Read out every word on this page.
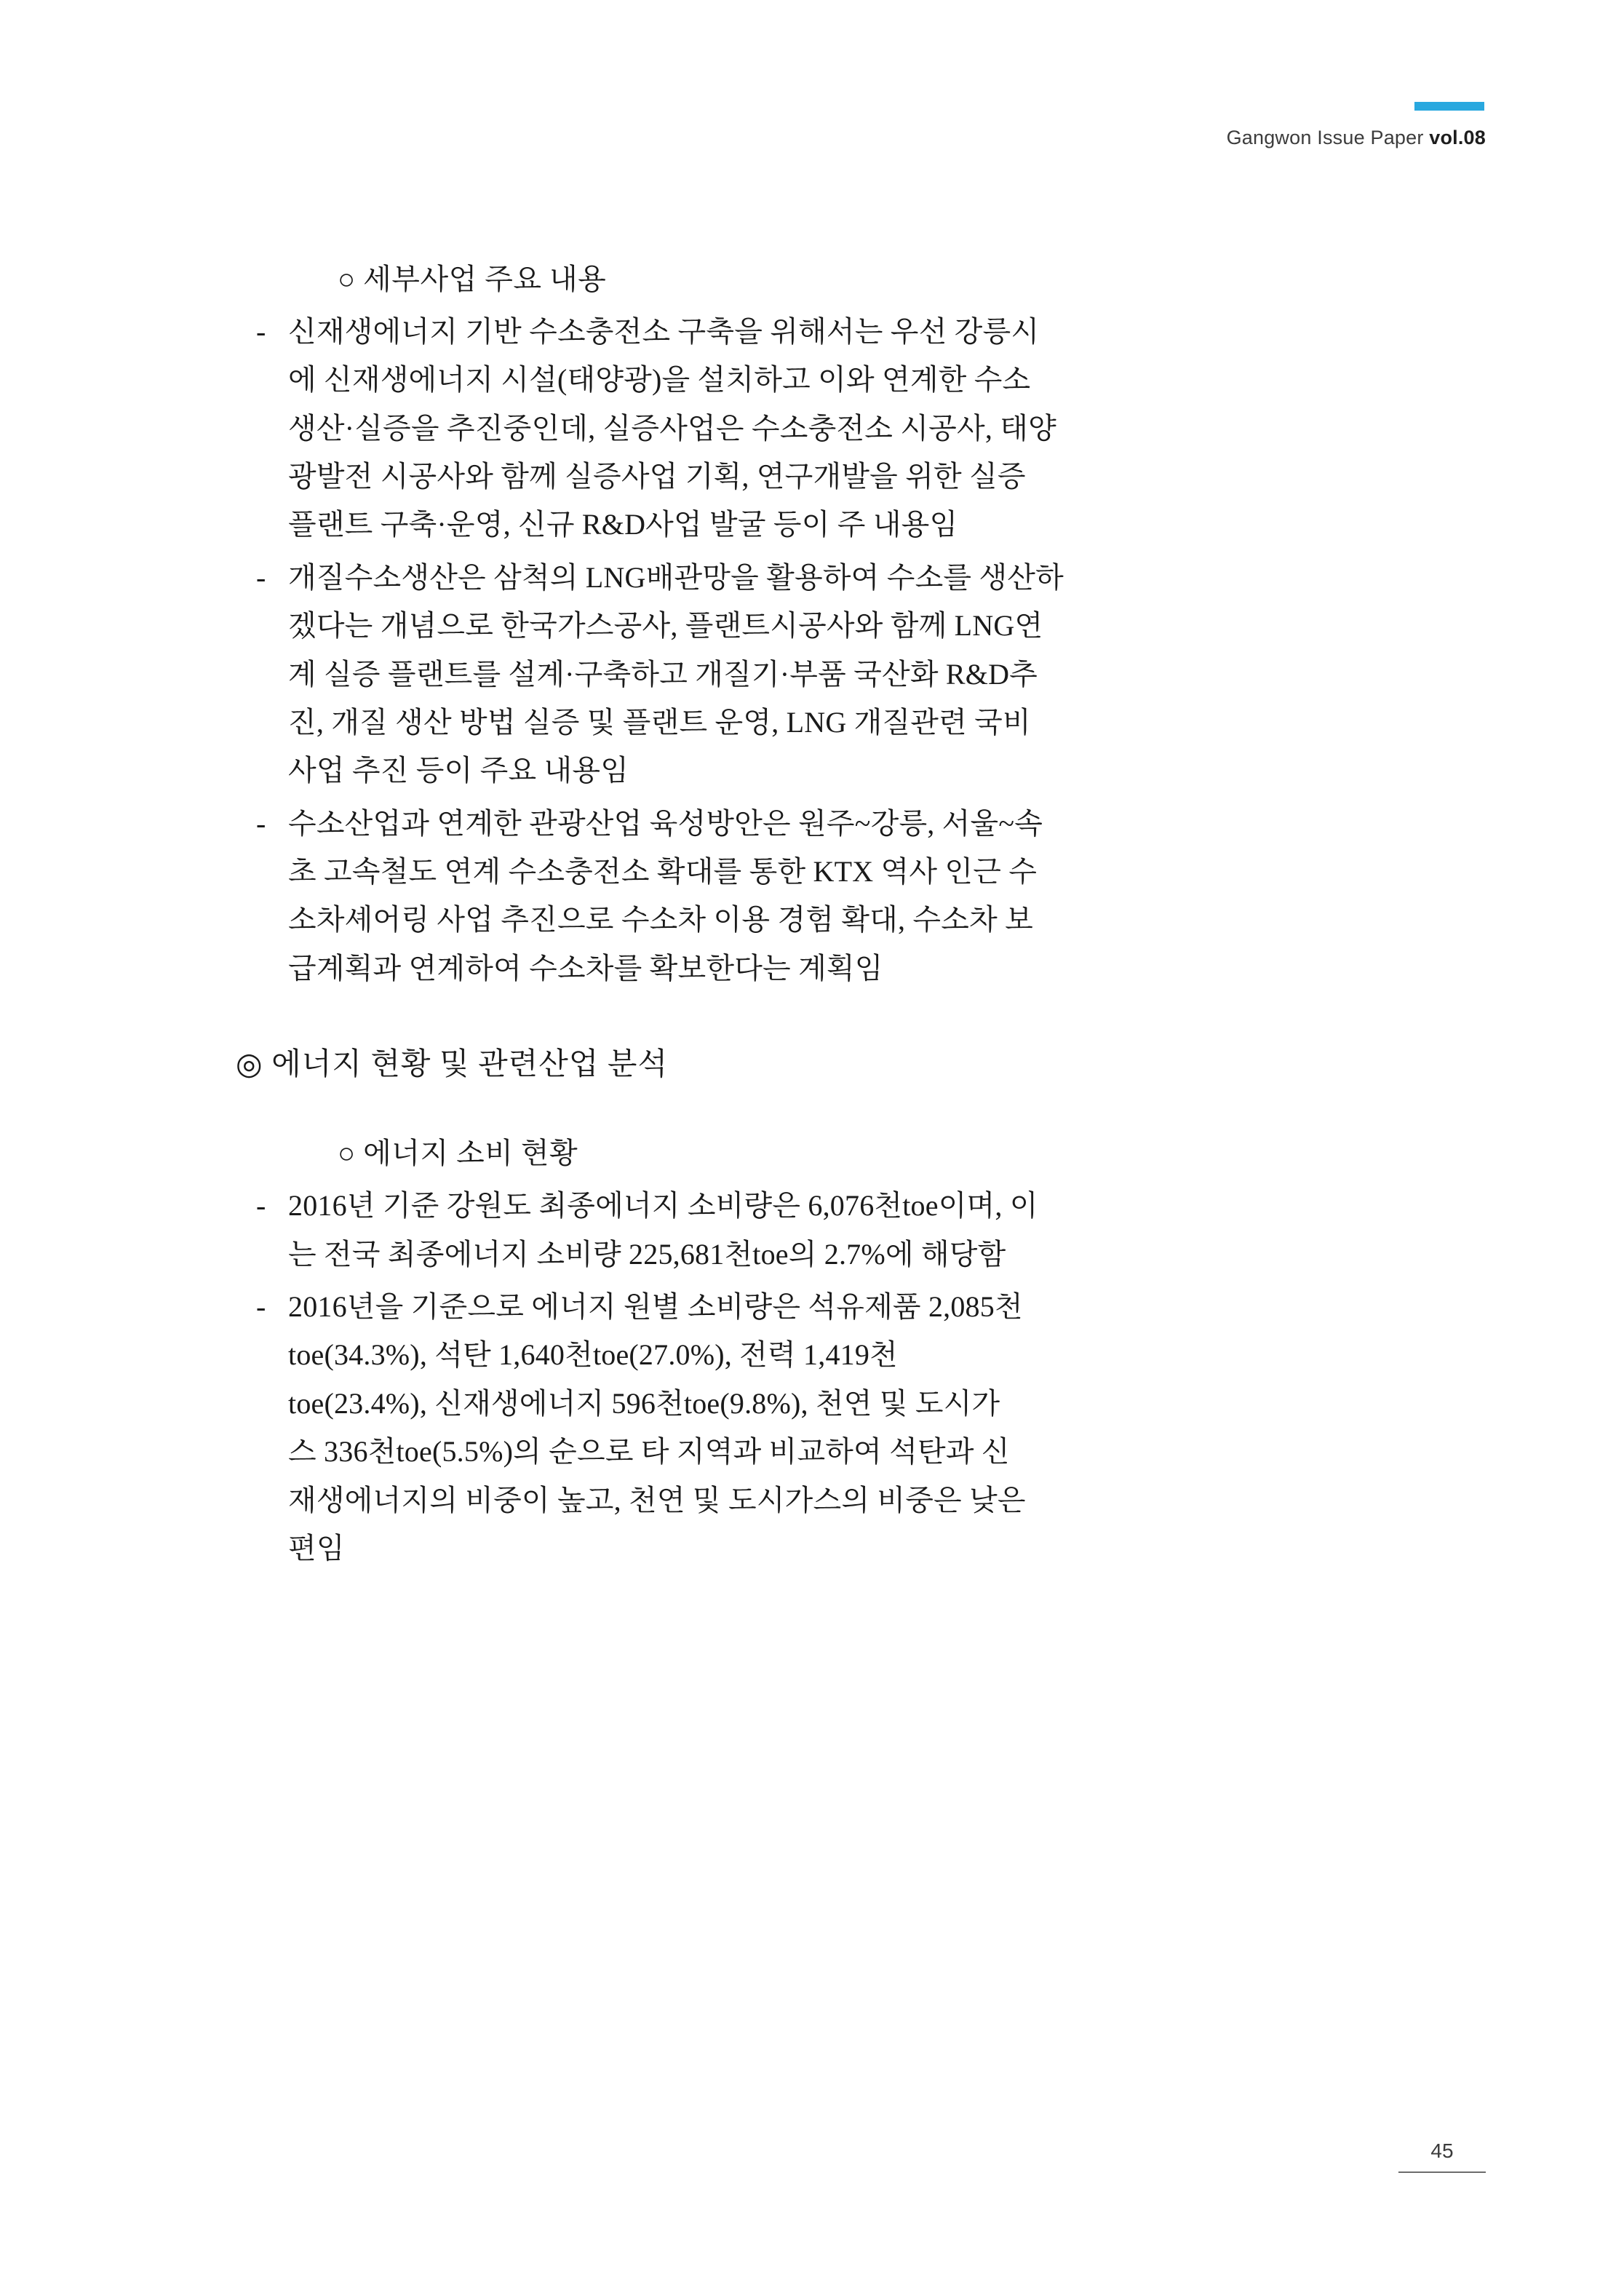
Gangwon Issue Paper vol.08
○ 세부사업 주요 내용
- 신재생에너지 기반 수소충전소 구축을 위해서는 우선 강릉시
에 신재생에너지 시설(태양광)을 설치하고 이와 연계한 수소
생산·실증을 추진중인데, 실증사업은 수소충전소 시공사, 태양
광발전 시공사와 함께 실증사업 기획, 연구개발을 위한 실증
플랜트 구축·운영, 신규 R&D사업 발굴 등이 주 내용임
- 개질수소생산은 삼척의 LNG배관망을 활용하여 수소를 생산하
겠다는 개념으로 한국가스공사, 플랜트시공사와 함께 LNG연
계 실증 플랜트를 설계·구축하고 개질기·부품 국산화 R&D추
진, 개질 생산 방법 실증 및 플랜트 운영, LNG 개질관련 국비
사업 추진 등이 주요 내용임
- 수소산업과 연계한 관광산업 육성방안은 원주~강릉, 서울~속
초 고속철도 연계 수소충전소 확대를 통한 KTX 역사 인근 수
소차셰어링 사업 추진으로 수소차 이용 경험 확대, 수소차 보
급계획과 연계하여 수소차를 확보한다는 계획임
◎ 에너지 현황 및 관련산업 분석
○ 에너지 소비 현황
- 2016년 기준 강원도 최종에너지 소비량은 6,076천toe이며, 이
는 전국 최종에너지 소비량 225,681천toe의 2.7%에 해당함
- 2016년을 기준으로 에너지 원별 소비량은 석유제품 2,085천
toe(34.3%), 석탄 1,640천toe(27.0%), 전력 1,419천
toe(23.4%), 신재생에너지 596천toe(9.8%), 천연 및 도시가
스 336천toe(5.5%)의 순으로 타 지역과 비교하여 석탄과 신
재생에너지의 비중이 높고, 천연 및 도시가스의 비중은 낮은
편임
45
